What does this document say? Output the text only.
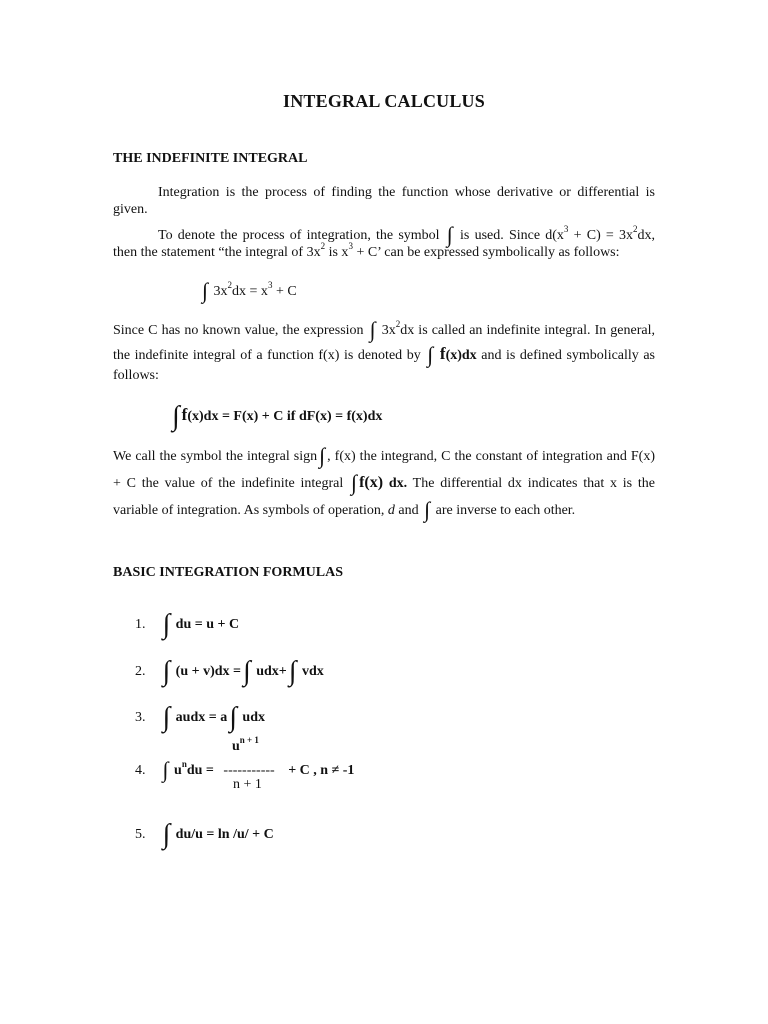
INTEGRAL CALCULUS
THE INDEFINITE INTEGRAL
Integration is the process of finding the function whose derivative or differential is given.
To denote the process of integration, the symbol ∫ is used. Since $d(x^3 + C) = 3x^2dx$, then the statement “the integral of $3x^2$ is $x^3 + C$’ can be expressed symbolically as follows:
∫ $3x^2dx = x^3 + C$
Since C has no known value, the expression ∫ $3x^2dx$ is called an indefinite integral. In general, the indefinite integral of a function f(x) is denoted by ∫ f(x)dx and is defined symbolically as follows:
∫ f(x)dx = F(x) + C if dF(x) = f(x)dx
We call the symbol the integral sign∫ , f(x) the integrand, C the constant of integration and F(x) + C the value of the indefinite integral ∫ f(x) dx. The differential dx indicates that x is the variable of integration. As symbols of operation, d and ∫ are inverse to each other.
BASIC INTEGRATION FORMULAS
1. ∫ du = u + C
2. ∫ (u + v)dx =∫ udx+∫ vdx
3. ∫ audx = a∫ udx
$u^{n + 1}$
4. ∫ $u^ndu$ = ----------- + C , n ≠ -1
n + 1
5. ∫ du/u = ln /u/ + C
